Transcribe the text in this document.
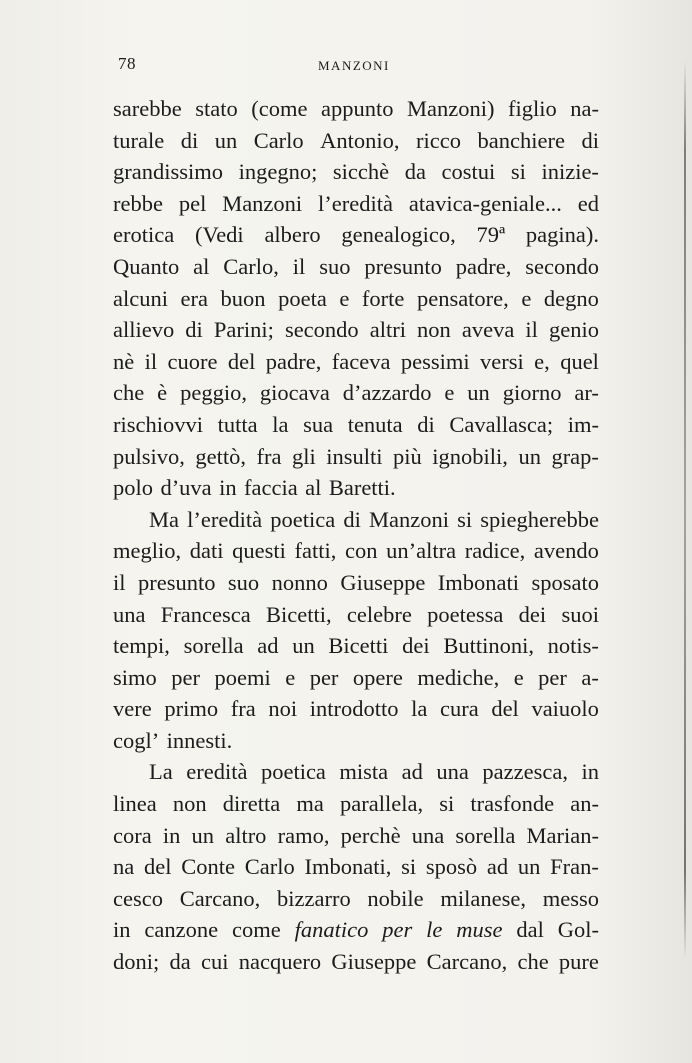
78	MANZONI
sarebbe stato (come appunto Manzoni) figlio na-
turale di un Carlo Antonio, ricco banchiere di
grandissimo ingegno; sicchè da costui si inizie-
rebbe pel Manzoni l’eredità atavica-geniale... ed
erotica (Vedi albero genealogico, 79ª pagina).
Quanto al Carlo, il suo presunto padre, secondo
alcuni era buon poeta e forte pensatore, e degno
allievo di Parini; secondo altri non aveva il genio
nè il cuore del padre, faceva pessimi versi e, quel
che è peggio, giocava d’azzardo e un giorno ar-
rischiovvi tutta la sua tenuta di Cavallasca; im-
pulsivo, gettò, fra gli insulti più ignobili, un grap-
polo d’uva in faccia al Baretti.
Ma l’eredità poetica di Manzoni si spiegherebbe
meglio, dati questi fatti, con un’altra radice, avendo
il presunto suo nonno Giuseppe Imbonati sposato
una Francesca Bicetti, celebre poetessa dei suoi
tempi, sorella ad un Bicetti dei Buttinoni, notis-
simo per poemi e per opere mediche, e per a-
vere primo fra noi introdotto la cura del vaiuolo
cogl’ innesti.
La eredità poetica mista ad una pazzesca, in
linea non diretta ma parallela, si trasfonde an-
cora in un altro ramo, perchè una sorella Marian-
na del Conte Carlo Imbonati, si sposò ad un Fran-
cesco Carcano, bizzarro nobile milanese, messo
in canzone come fanatico per le muse dal Gol-
doni; da cui nacquero Giuseppe Carcano, che pure
